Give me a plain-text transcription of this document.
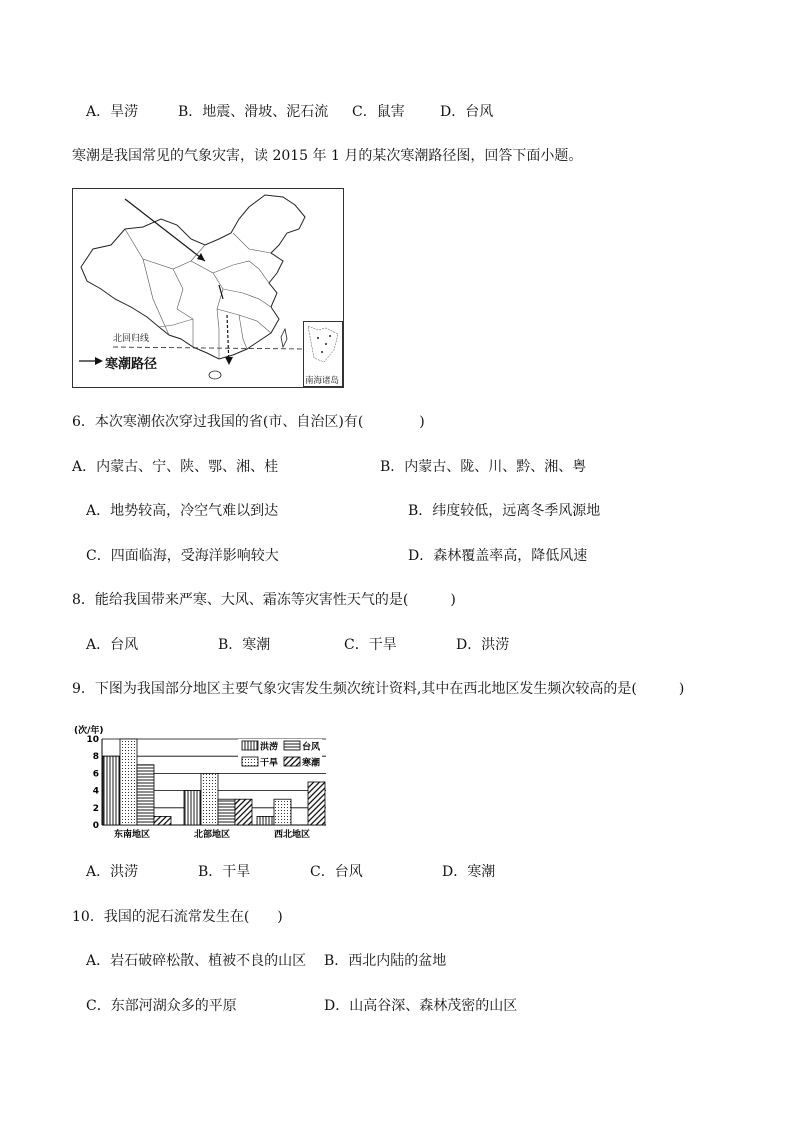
A．旱涝	B．地震、滑坡、泥石流 C．鼠害	D．台风
寒潮是我国常见的气象灾害，读 2015 年 1 月的某次寒潮路径图，回答下面小题。
北回归线
寒潮路径
南海诸岛
6．本次寒潮依次穿过我国的省(市、自治区)有(　　　　)
A．内蒙古、宁、陕、鄂、湘、桂	B．内蒙古、陇、川、黔、湘、粤
A．地势较高，冷空气难以到达	B．纬度较低，远离冬季风源地
C．四面临海，受海洋影响较大	D．森林覆盖率高，降低风速
8．能给我国带来严寒、大风、霜冻等灾害性天气的是(　　　)
A．台风	B．寒潮	C．干旱	D．洪涝
9．下图为我国部分地区主要气象灾害发生频次统计资料,其中在西北地区发生频次较高的是(　　　)
(次/年)
0
2
4
6
8
10
东南地区	北部地区	西北地区
洪涝	台风
干旱	寒潮
A．洪涝	B．干旱	C．台风	D．寒潮
10．我国的泥石流常发生在(　　)
A．岩石破碎松散、植被不良的山区 B．西北内陆的盆地
C．东部河湖众多的平原	D．山高谷深、森林茂密的山区
